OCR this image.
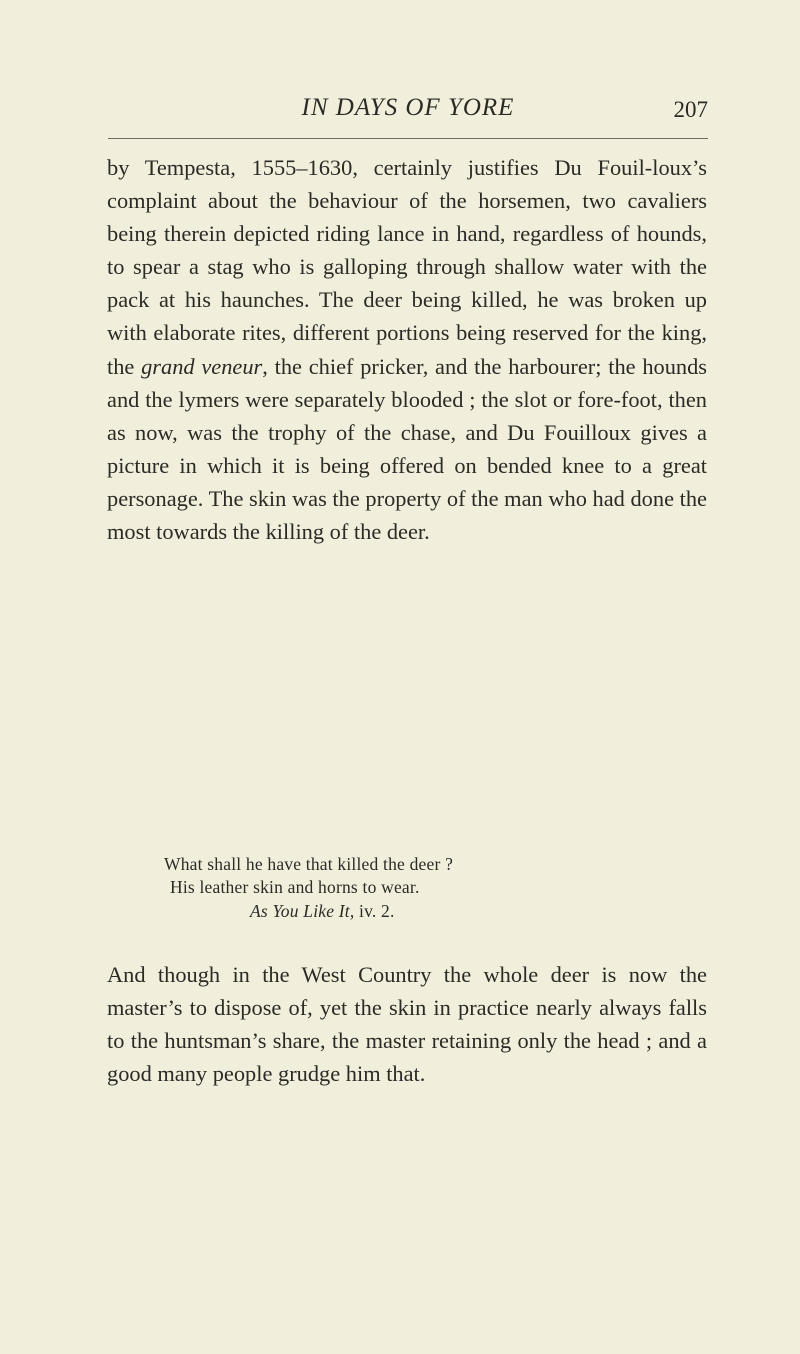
IN DAYS OF YORE	207

by Tempesta, 1555–1630, certainly justifies Du Fouil-loux’s complaint about the behaviour of the horsemen, two cavaliers being therein depicted riding lance in hand, regardless of hounds, to spear a stag who is galloping through shallow water with the pack at his haunches. The deer being killed, he was broken up with elaborate rites, different portions being reserved for the king, the grand veneur, the chief pricker, and the harbourer; the hounds and the lymers were separately blooded ; the slot or fore-foot, then as now, was the trophy of the chase, and Du Fouilloux gives a picture in which it is being offered on bended knee to a great personage. The skin was the property of the man who had done the most towards the killing of the deer.

What shall he have that killed the deer ?
His leather skin and horns to wear.
As You Like It, iv. 2.

And though in the West Country the whole deer is now the master’s to dispose of, yet the skin in practice nearly always falls to the huntsman’s share, the master retaining only the head ; and a good many people grudge him that.
